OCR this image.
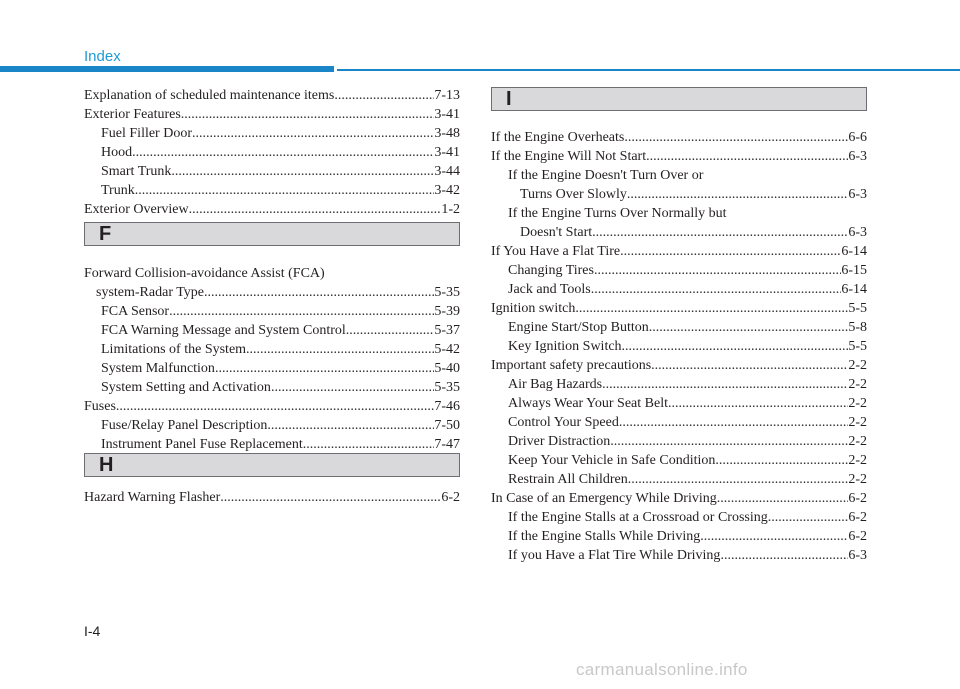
Index
Explanation of scheduled maintenance items .....	7-13
Exterior Features .....	3-41
Fuel Filler Door .....	3-48
Hood .....	3-41
Smart Trunk .....	3-44
Trunk .....	3-42
Exterior Overview .....	1-2
F
Forward Collision-avoidance Assist (FCA)
system-Radar Type .....	5-35
FCA Sensor .....	5-39
FCA Warning Message and System Control .....	5-37
Limitations of the System .....	5-42
System Malfunction .....	5-40
System Setting and Activation .....	5-35
Fuses .....	7-46
Fuse/Relay Panel Description .....	7-50
Instrument Panel Fuse Replacement .....	7-47
H
Hazard Warning Flasher .....	6-2
I
If the Engine Overheats .....	6-6
If the Engine Will Not Start .....	6-3
If the Engine Doesn't Turn Over or
Turns Over Slowly .....	6-3
If the Engine Turns Over Normally but
Doesn't Start .....	6-3
If You Have a Flat Tire .....	6-14
Changing Tires .....	6-15
Jack and Tools .....	6-14
Ignition switch .....	5-5
Engine Start/Stop Button .....	5-8
Key Ignition Switch .....	5-5
Important safety precautions .....	2-2
Air Bag Hazards .....	2-2
Always Wear Your Seat Belt .....	2-2
Control Your Speed .....	2-2
Driver Distraction .....	2-2
Keep Your Vehicle in Safe Condition .....	2-2
Restrain All Children .....	2-2
In Case of an Emergency While Driving .....	6-2
If the Engine Stalls at a Crossroad or Crossing .....	6-2
If the Engine Stalls While Driving .....	6-2
If you Have a Flat Tire While Driving .....	6-3
I-4
carmanualsonline.info
